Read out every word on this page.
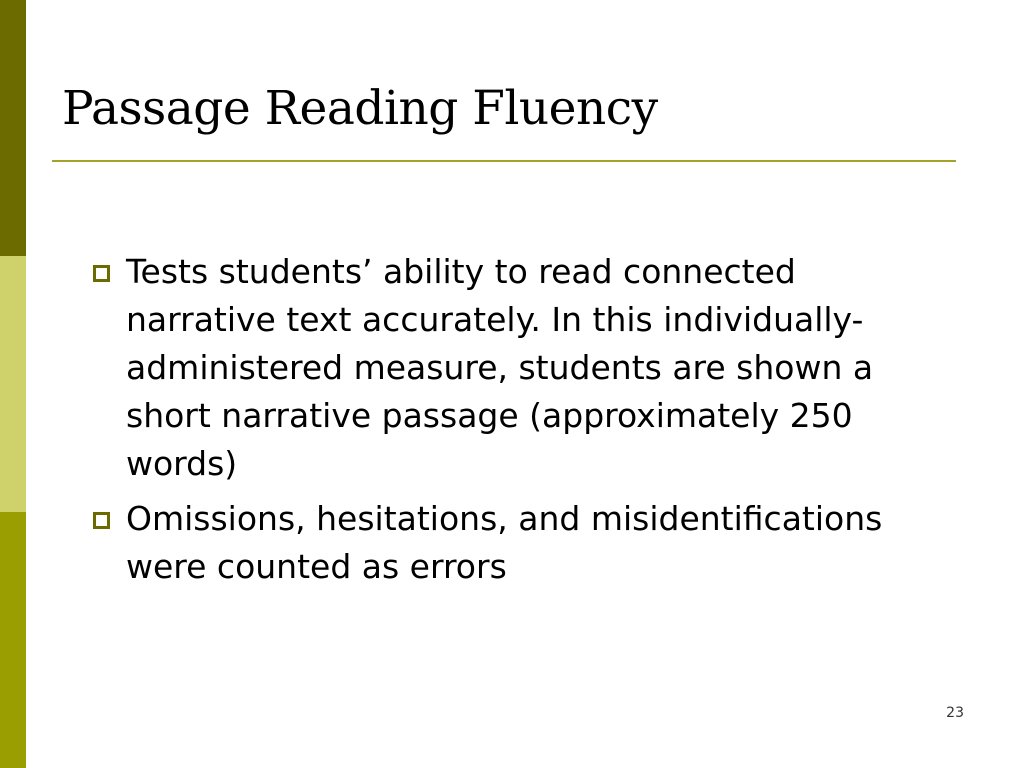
Passage Reading Fluency
Tests students’ ability to read connected narrative text accurately. In this individually-administered measure, students are shown a short narrative passage (approximately 250 words)
Omissions, hesitations, and misidentifications were counted as errors
23
